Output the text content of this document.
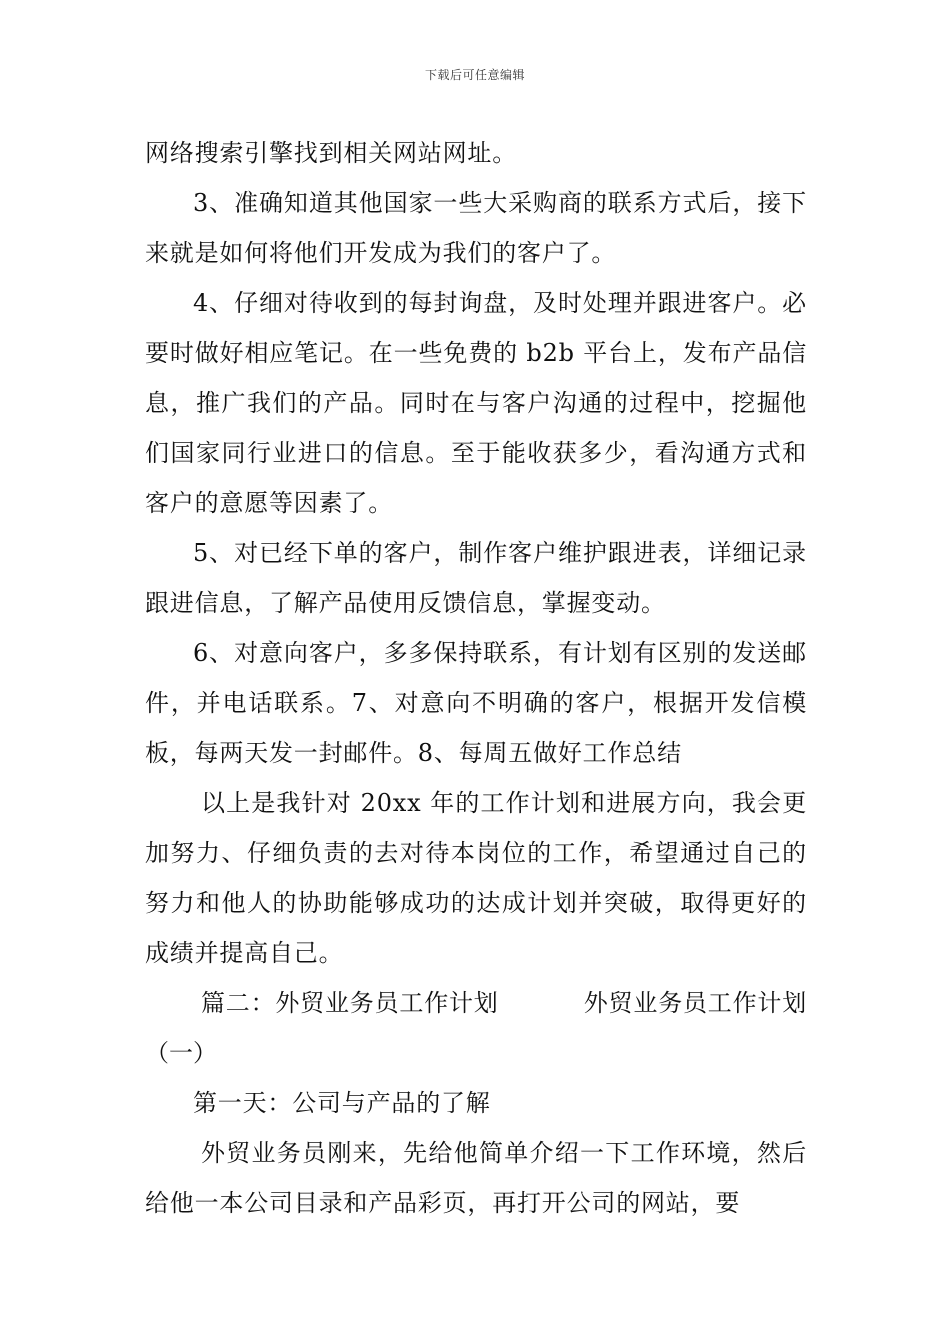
下载后可任意编辑

网络搜索引擎找到相关网站网址。

3、准确知道其他国家一些大采购商的联系方式后，接下来就是如何将他们开发成为我们的客户了。

4、仔细对待收到的每封询盘，及时处理并跟进客户。必要时做好相应笔记。在一些免费的 b2b 平台上，发布产品信息，推广我们的产品。同时在与客户沟通的过程中，挖掘他们国家同行业进口的信息。至于能收获多少，看沟通方式和客户的意愿等因素了。

5、对已经下单的客户，制作客户维护跟进表，详细记录跟进信息，了解产品使用反馈信息，掌握变动。

6、对意向客户，多多保持联系，有计划有区别的发送邮件，并电话联系。7、对意向不明确的客户，根据开发信模板，每两天发一封邮件。8、每周五做好工作总结

以上是我针对 20xx 年的工作计划和进展方向，我会更加努力、仔细负责的去对待本岗位的工作，希望通过自己的努力和他人的协助能够成功的达成计划并突破，取得更好的成绩并提高自己。

篇二：外贸业务员工作计划	外贸业务员工作计划
（一）

第一天：公司与产品的了解

外贸业务员刚来，先给他简单介绍一下工作环境，然后给他一本公司目录和产品彩页，再打开公司的网站，要
